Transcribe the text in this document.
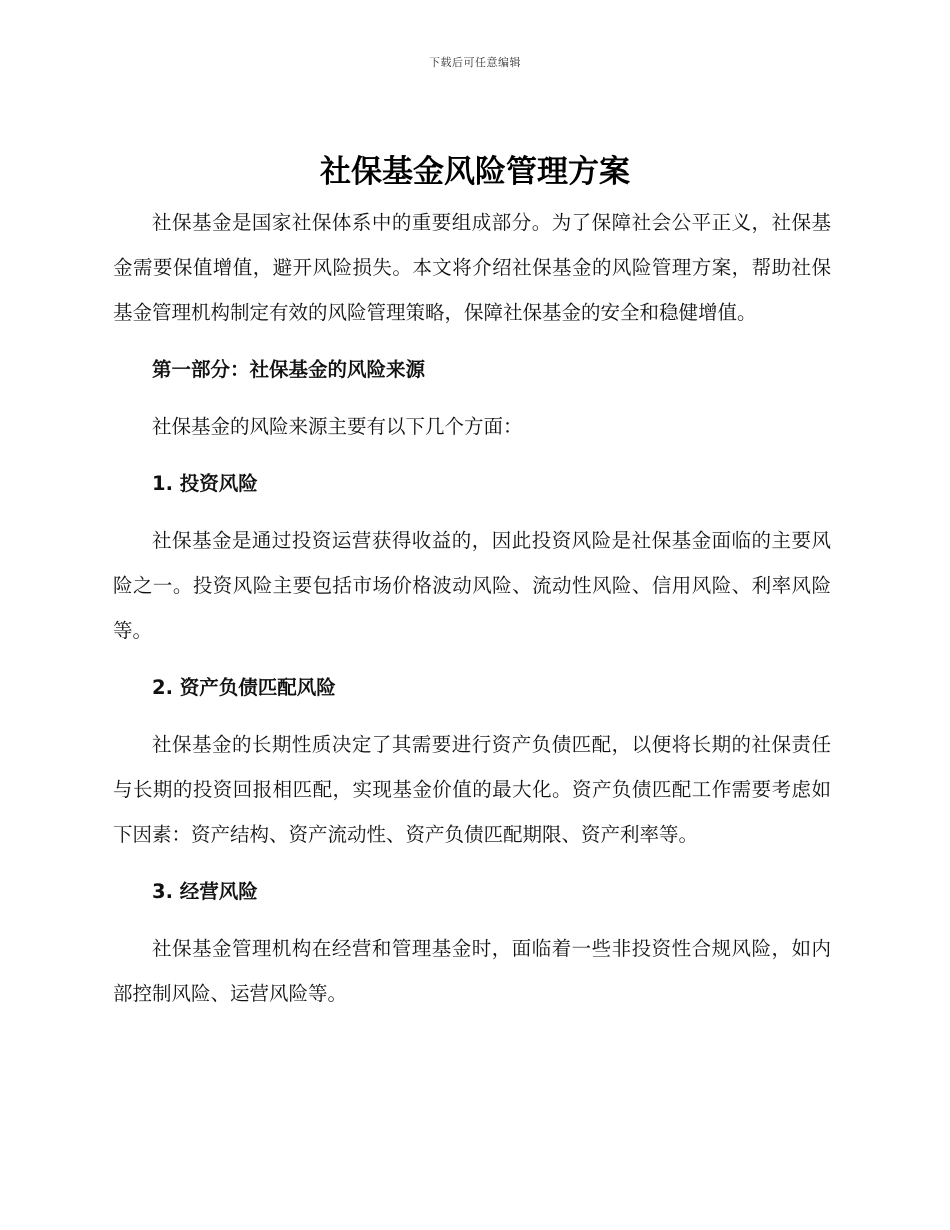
下载后可任意编辑
社保基金风险管理方案

社保基金是国家社保体系中的重要组成部分。为了保障社会公平正义，社保基金需要保值增值，避开风险损失。本文将介绍社保基金的风险管理方案，帮助社保基金管理机构制定有效的风险管理策略，保障社保基金的安全和稳健增值。

第一部分：社保基金的风险来源

社保基金的风险来源主要有以下几个方面：

1. 投资风险

社保基金是通过投资运营获得收益的，因此投资风险是社保基金面临的主要风险之一。投资风险主要包括市场价格波动风险、流动性风险、信用风险、利率风险等。

2. 资产负债匹配风险

社保基金的长期性质决定了其需要进行资产负债匹配，以便将长期的社保责任与长期的投资回报相匹配，实现基金价值的最大化。资产负债匹配工作需要考虑如下因素：资产结构、资产流动性、资产负债匹配期限、资产利率等。

3. 经营风险

社保基金管理机构在经营和管理基金时，面临着一些非投资性合规风险，如内部控制风险、运营风险等。
